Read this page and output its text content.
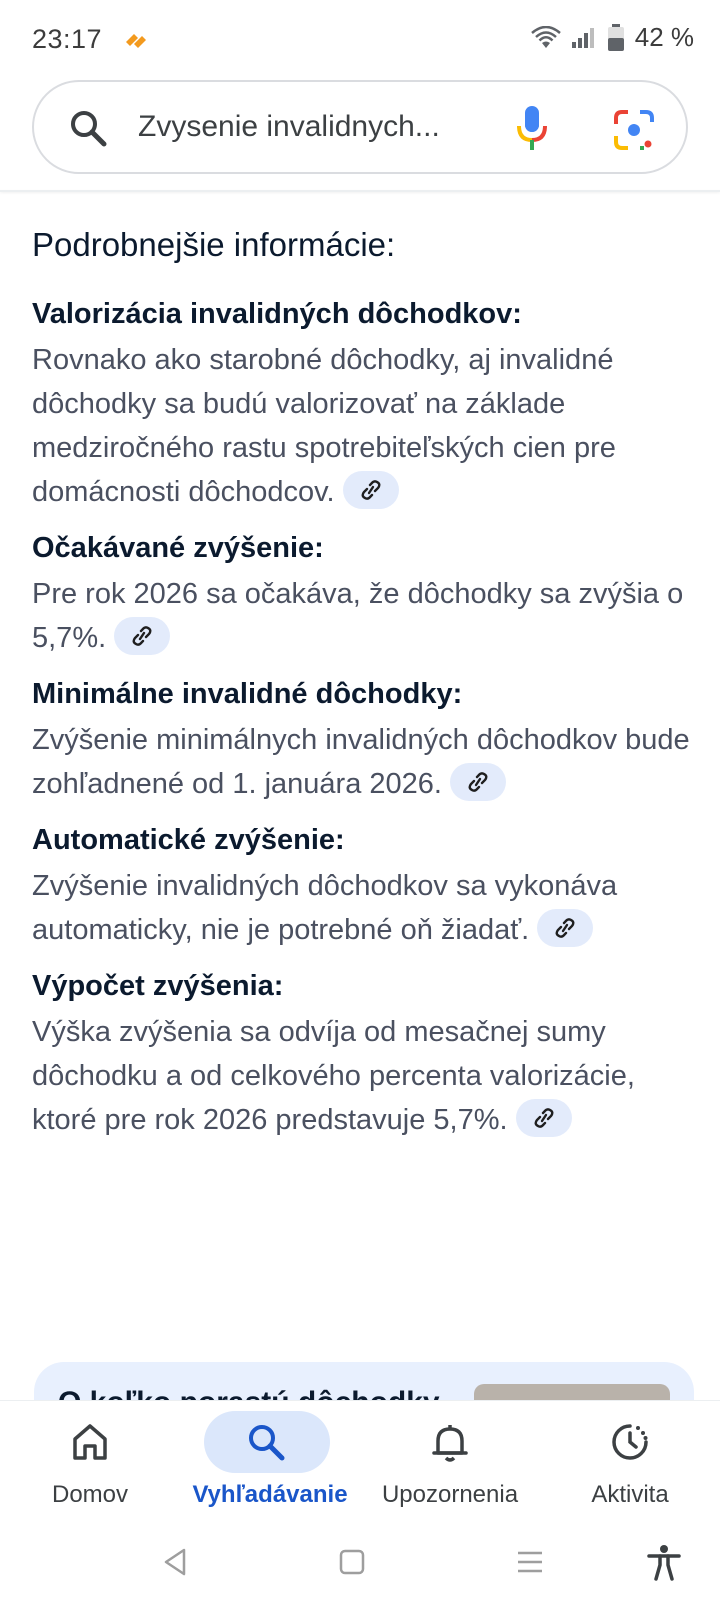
23:17	42 %
Zvysenie invalidnych...
Podrobnejšie informácie:
Valorizácia invalidných dôchodkov:
Rovnako ako starobné dôchodky, aj invalidné dôchodky sa budú valorizovať na základe medziročného rastu spotrebiteľských cien pre domácnosti dôchodcov.
Očakávané zvýšenie:
Pre rok 2026 sa očakáva, že dôchodky sa zvýšia o 5,7%.
Minimálne invalidné dôchodky:
Zvýšenie minimálnych invalidných dôchodkov bude zohľadnené od 1. januára 2026.
Automatické zvýšenie:
Zvýšenie invalidných dôchodkov sa vykonáva automaticky, nie je potrebné oň žiadať.
Výpočet zvýšenia:
Výška zvýšenia sa odvíja od mesačnej sumy dôchodku a od celkového percenta valorizácie, ktoré pre rok 2026 predstavuje 5,7%.
Domov	Vyhľadávanie	Upozornenia	Aktivita
